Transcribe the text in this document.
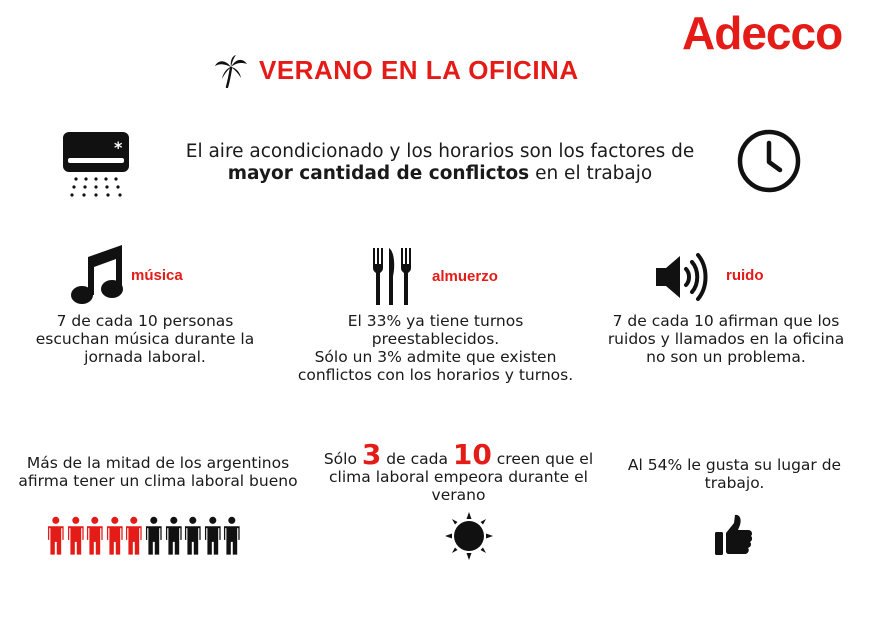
Adecco
VERANO EN LA OFICINA
*	El aire acondicionado y los horarios son los factores de
mayor cantidad de conflictos en el trabajo
música
7 de cada 10 personas
escuchan música durante la
jornada laboral.
almuerzo
El 33% ya tiene turnos
preestablecidos.
Sólo un 3% admite que existen
conflictos con los horarios y turnos.
ruido
7 de cada 10 afirman que los
ruidos y llamados en la oficina
no son un problema.
Más de la mitad de los argentinos
afirma tener un clima laboral bueno
Sólo 3 de cada 10 creen que el
clima laboral empeora durante el
verano
Al 54% le gusta su lugar de
trabajo.
